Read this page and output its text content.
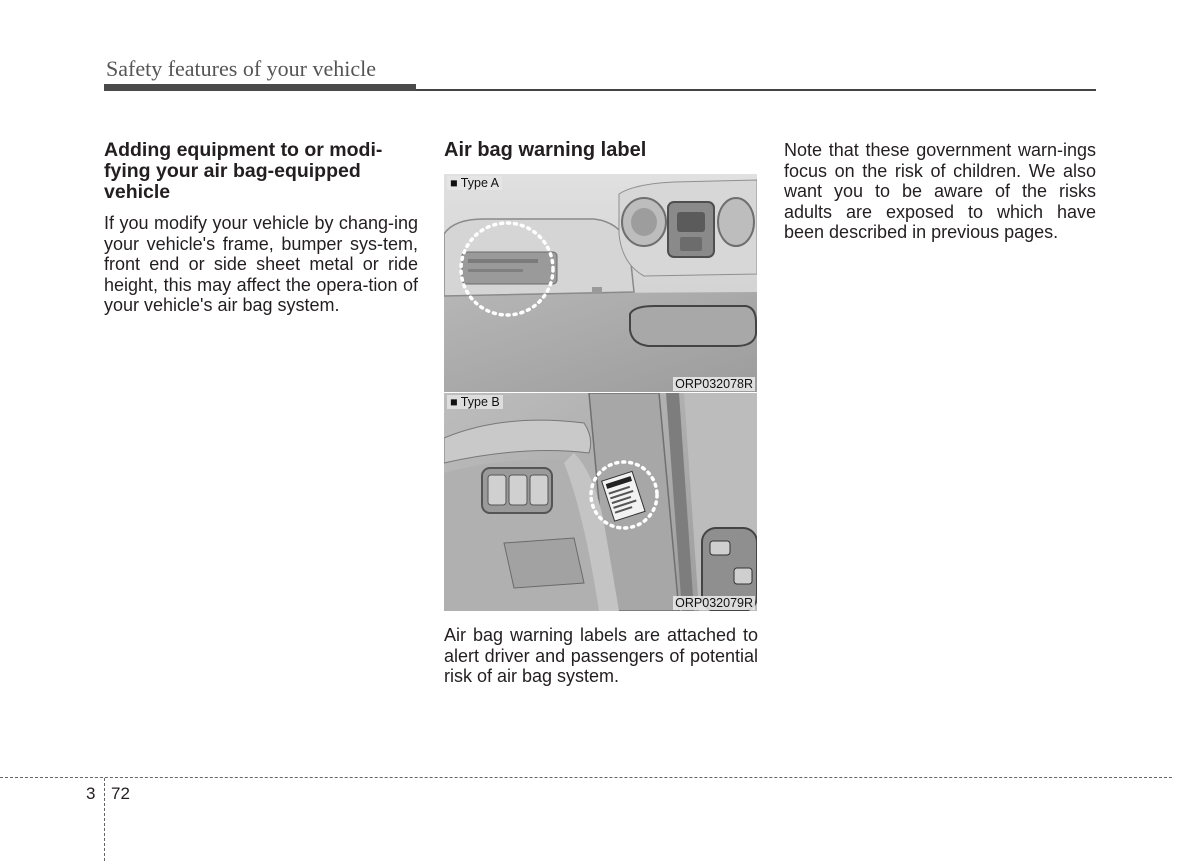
Safety features of your vehicle
Adding equipment to or modi-fying your air bag-equipped vehicle

If you modify your vehicle by chang-ing your vehicle's frame, bumper sys-tem, front end or side sheet metal or ride height, this may affect the opera-tion of your vehicle's air bag system.

Air bag warning label
■ Type A
ORP032078R
■ Type B
ORP032079R

Air bag warning labels are attached to alert driver and passengers of potential risk of air bag system.

Note that these government warn-ings focus on the risk of children. We also want you to be aware of the risks adults are exposed to which have been described in previous pages.

3 72
